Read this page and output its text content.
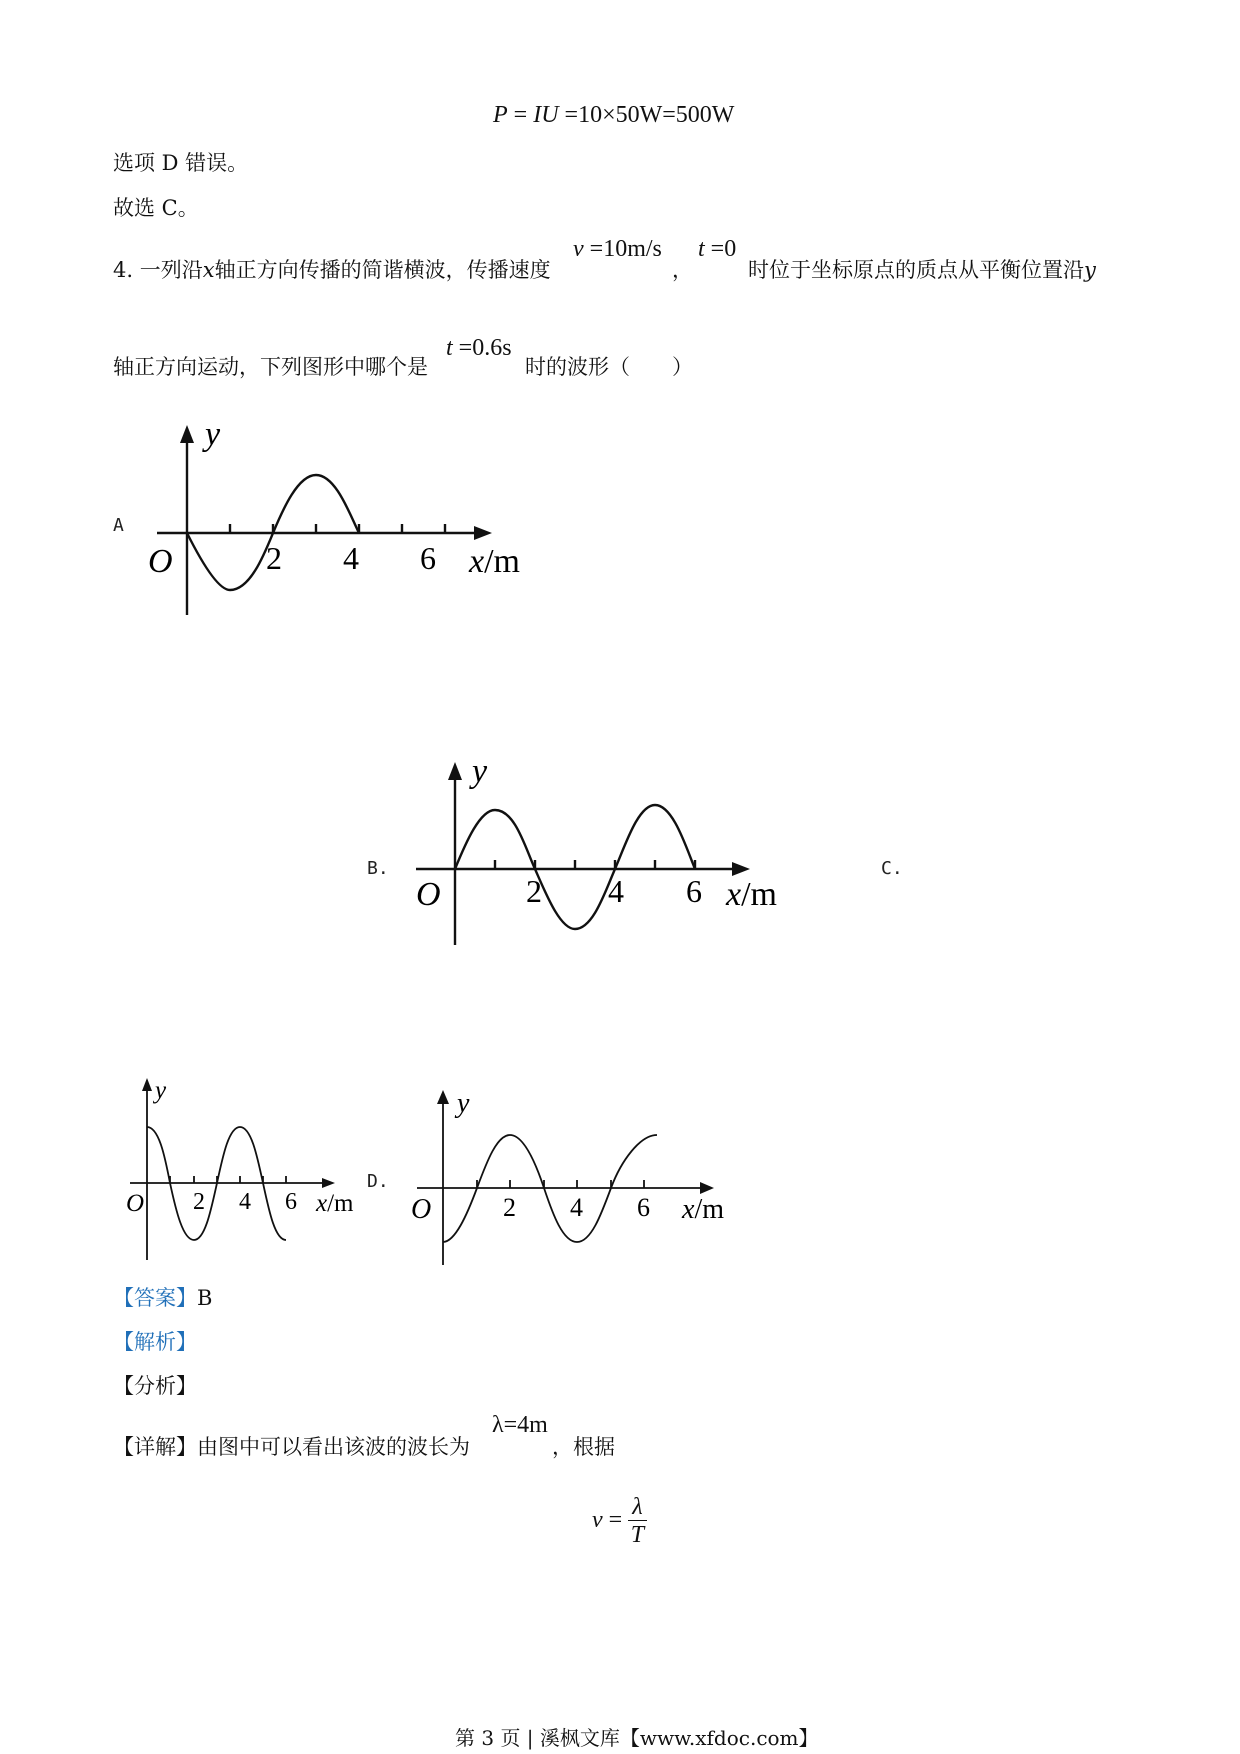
P = IU =10×50W=500W
选项 D 错误。
故选 C。
4. 一列沿x轴正方向传播的简谐横波，传播速度
v =10m/s
，
t =0
时位于坐标原点的质点从平衡位置沿y
轴正方向运动，下列图形中哪个是
t =0.6s
时的波形（　　）
A
B.	C.
D.
y
O	2 4 6 x/m
y
O	2 4 6 x/m
y
O 2 4 6 x/m
y
O	2 4 6 x/m
【答案】B
【解析】
【分析】
【详解】由图中可以看出该波的波长为
λ=4m
，根据
$v = \frac{\lambda}{T}$
第 3 页 | 溪枫文库【www.xfdoc.com】
